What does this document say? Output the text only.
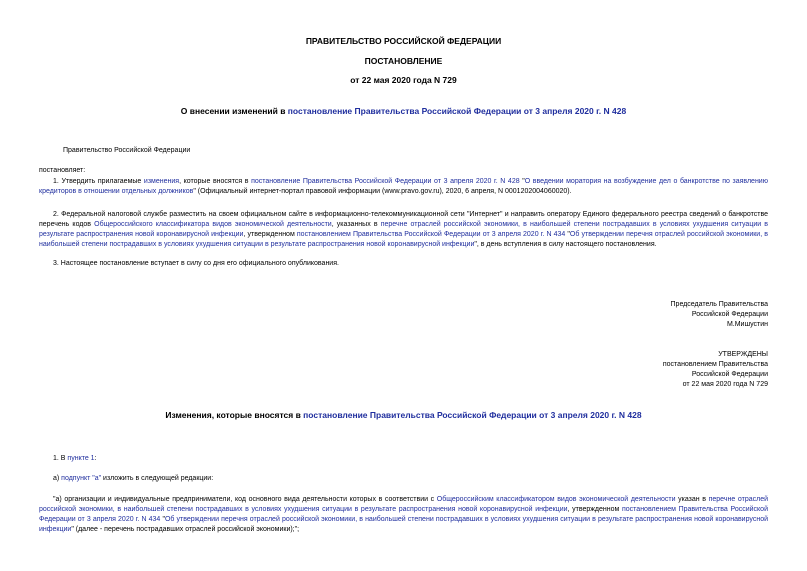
ПРАВИТЕЛЬСТВО РОССИЙСКОЙ ФЕДЕРАЦИИ
ПОСТАНОВЛЕНИЕ
от 22 мая 2020 года N 729
О внесении изменений в постановление Правительства Российской Федерации от 3 апреля 2020 г. N 428
Правительство Российской Федерации
постановляет:
1. Утвердить прилагаемые изменения, которые вносятся в постановление Правительства Российской Федерации от 3 апреля 2020 г. N 428 "О введении моратория на возбуждение дел о банкротстве по заявлению кредиторов в отношении отдельных должников" (Официальный интернет-портал правовой информации (www.pravo.gov.ru), 2020, 6 апреля, N 0001202004060020).
2. Федеральной налоговой службе разместить на своем официальном сайте в информационно-телекоммуникационной сети "Интернет" и направить оператору Единого федерального реестра сведений о банкротстве перечень кодов Общероссийского классификатора видов экономической деятельности, указанных в перечне отраслей российской экономики, в наибольшей степени пострадавших в условиях ухудшения ситуации в результате распространения новой коронавирусной инфекции, утвержденном постановлением Правительства Российской Федерации от 3 апреля 2020 г. N 434 "Об утверждении перечня отраслей российской экономики, в наибольшей степени пострадавших в условиях ухудшения ситуации в результате распространения новой коронавирусной инфекции", в день вступления в силу настоящего постановления.
3. Настоящее постановление вступает в силу со дня его официального опубликования.
Председатель Правительства
Российской Федерации
М.Мишустин
УТВЕРЖДЕНЫ
постановлением Правительства
Российской Федерации
от 22 мая 2020 года N 729
Изменения, которые вносятся в постановление Правительства Российской Федерации от 3 апреля 2020 г. N 428
1. В пункте 1:
а) подпункт "а" изложить в следующей редакции:
"а) организации и индивидуальные предприниматели, код основного вида деятельности которых в соответствии с Общероссийским классификатором видов экономической деятельности указан в перечне отраслей российской экономики, в наибольшей степени пострадавших в условиях ухудшения ситуации в результате распространения новой коронавирусной инфекции, утвержденном постановлением Правительства Российской Федерации от 3 апреля 2020 г. N 434 "Об утверждении перечня отраслей российской экономики, в наибольшей степени пострадавших в условиях ухудшения ситуации в результате распространения новой коронавирусной инфекции" (далее - перечень пострадавших отраслей российской экономики);";
